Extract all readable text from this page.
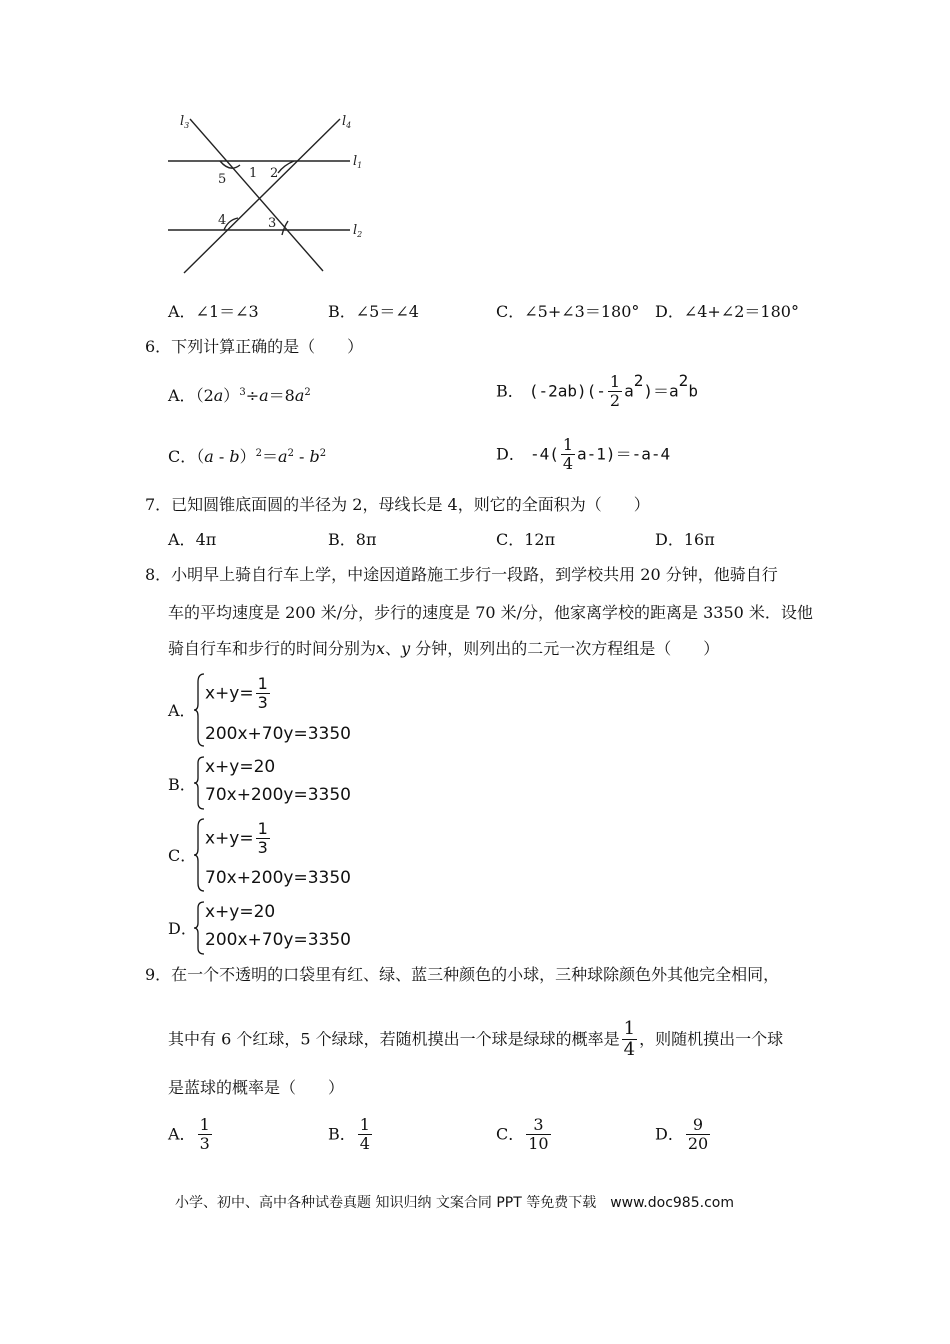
$l_3$	$l_4$
$l_1$
$l_2$
5 1 2
4	3
A．∠1＝∠3	B．∠5＝∠4	C．∠5+∠3＝180° D．∠4+∠2＝180°
6．下列计算正确的是（　　）
A．$(2a)^3\div a=8a^2$	B． $(-2ab)(- \frac{1}{2} a^2)=a^2b$
C．$(a - b)^2=a^2 - b^2$	D． $-4( \frac{1}{4} a-1)=-a-4$
7．已知圆锥底面圆的半径为 2，母线长是 4，则它的全面积为（　　）
A．4π	B．8π	C．12π	D．16π
8．小明早上骑自行车上学，中途因道路施工步行一段路，到学校共用 20 分钟，他骑自行
车的平均速度是 200 米/分，步行的速度是 70 米/分，他家离学校的距离是 3350 米．设他
骑自行车和步行的时间分别为x、y 分钟，则列出的二元一次方程组是（　　）
A．
$x+y= \frac{1}{3}$
200x+70y=3350
B．
x+y=20
70x+200y=3350
C．
$x+y= \frac{1}{3}$
70x+200y=3350
D．
x+y=20
200x+70y=3350
9．在一个不透明的口袋里有红、绿、蓝三种颜色的小球，三种球除颜色外其他完全相同，
其中有 6 个红球，5 个绿球，若随机摸出一个球是绿球的概率是 $\frac{1}{4}$ ，则随机摸出一个球
是蓝球的概率是（　　）
A． $\frac{1}{3}$	B． $\frac{1}{4}$	C． $\frac{3}{10}$	D． $\frac{9}{20}$
小学、初中、高中各种试卷真题 知识归纳 文案合同 PPT 等免费下载　www.doc985.com
